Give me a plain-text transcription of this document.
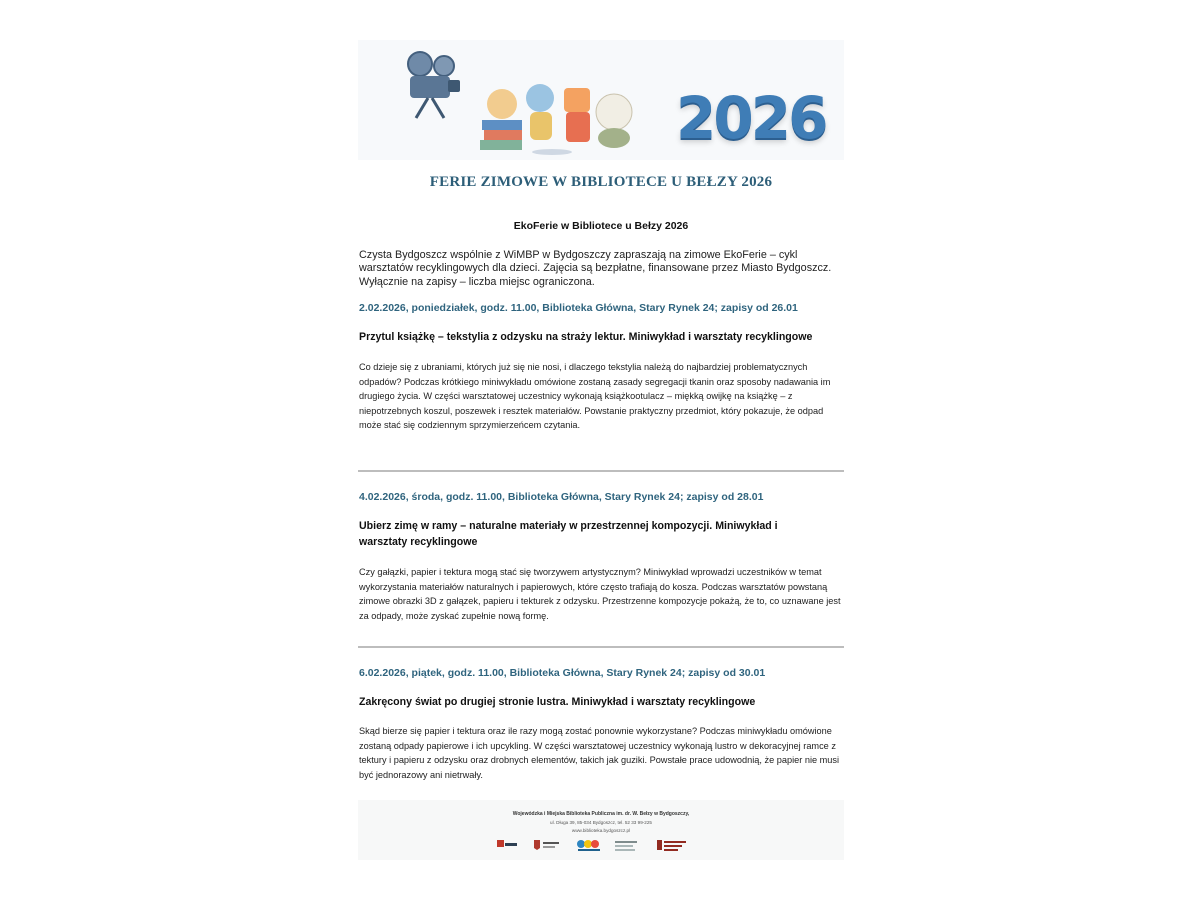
2026
FERIE ZIMOWE W BIBLIOTECE U BEŁZY 2026
EkoFerie w Bibliotece u Bełzy 2026
Czysta Bydgoszcz wspólnie z WiMBP w Bydgoszczy zapraszają na zimowe EkoFerie – cykl warsztatów recyklingowych dla dzieci. Zajęcia są bezpłatne, finansowane przez Miasto Bydgoszcz. Wyłącznie na zapisy – liczba miejsc ograniczona.
2.02.2026, poniedziałek, godz. 11.00, Biblioteka Główna, Stary Rynek 24; zapisy od 26.01
Przytul książkę – tekstylia z odzysku na straży lektur. Miniwykład i warsztaty recyklingowe
Co dzieje się z ubraniami, których już się nie nosi, i dlaczego tekstylia należą do najbardziej problematycznych odpadów? Podczas krótkiego miniwykładu omówione zostaną zasady segregacji tkanin oraz sposoby nadawania im drugiego życia. W części warsztatowej uczestnicy wykonają książkootulacz – miękką owijkę na książkę – z niepotrzebnych koszul, poszewek i resztek materiałów. Powstanie praktyczny przedmiot, który pokazuje, że odpad może stać się codziennym sprzymierzeńcem czytania.
4.02.2026, środa, godz. 11.00, Biblioteka Główna, Stary Rynek 24; zapisy od 28.01
Ubierz zimę w ramy – naturalne materiały w przestrzennej kompozycji. Miniwykład i warsztaty recyklingowe
Czy gałązki, papier i tektura mogą stać się tworzywem artystycznym? Miniwykład wprowadzi uczestników w temat wykorzystania materiałów naturalnych i papierowych, które często trafiają do kosza. Podczas warsztatów powstaną zimowe obrazki 3D z gałązek, papieru i tekturek z odzysku. Przestrzenne kompozycje pokażą, że to, co uznawane jest za odpady, może zyskać zupełnie nową formę.
6.02.2026, piątek, godz. 11.00, Biblioteka Główna, Stary Rynek 24; zapisy od 30.01
Zakręcony świat po drugiej stronie lustra. Miniwykład i warsztaty recyklingowe
Skąd bierze się papier i tektura oraz ile razy mogą zostać ponownie wykorzystane? Podczas miniwykładu omówione zostaną odpady papierowe i ich upcykling. W części warsztatowej uczestnicy wykonają lustro w dekoracyjnej ramce z tektury i papieru z odzysku oraz drobnych elementów, takich jak guziki. Powstałe prace udowodnią, że papier nie musi być jednorazowy ani nietrwały.
Wojewódzka i Miejska Biblioteka Publiczna im. dr. W. Bełzy w Bydgoszczy,
ul. Długa 39, 85-034 Bydgoszcz, tel. 52 33 99-225
www.biblioteka.bydgoszcz.pl
